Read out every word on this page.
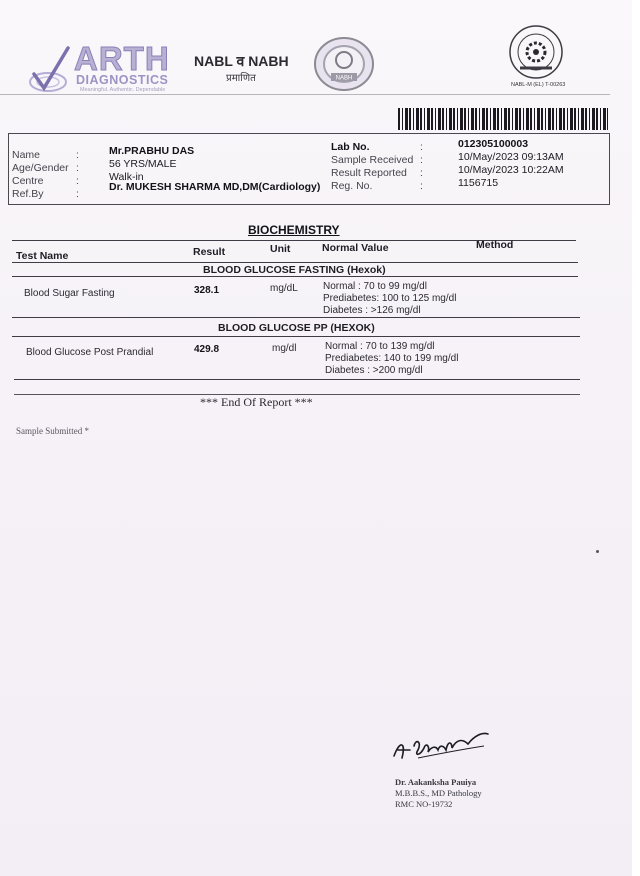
ARTH
DIAGNOSTICS
Meaningful. Authentic. Dependable
NABL व NABH
प्रमाणित	NABH
NABL-M (EL) T-00263
Name	:	Mr.PRABHU DAS
Age/Gender :	56 YRS/MALE
Centre	:	Walk-in
Ref.By	:
Dr. MUKESH SHARMA MD,DM(Cardiology)
Lab No.	:	012305100003
Sample Received :	10/May/2023 09:13AM
Result Reported :	10/May/2023 10:22AM
Reg. No.	:	1156715
BIOCHEMISTRY
Test Name	Result	Unit	Normal Value	Method
BLOOD GLUCOSE FASTING (Hexok)
Blood Sugar Fasting	328.1	mg/dL	Normal : 70 to 99 mg/dl
Prediabetes: 100 to 125 mg/dl
Diabetes : >126 mg/dl
BLOOD GLUCOSE PP (HEXOK)
Blood Glucose Post Prandial	429.8	mg/dl	Normal : 70 to 139 mg/dl
Prediabetes: 140 to 199 mg/dl
Diabetes : >200 mg/dl
*** End Of Report ***
Sample Submitted *
Dr. Aakanksha Pauiya
M.B.B.S., MD Pathology
RMC NO-19732
